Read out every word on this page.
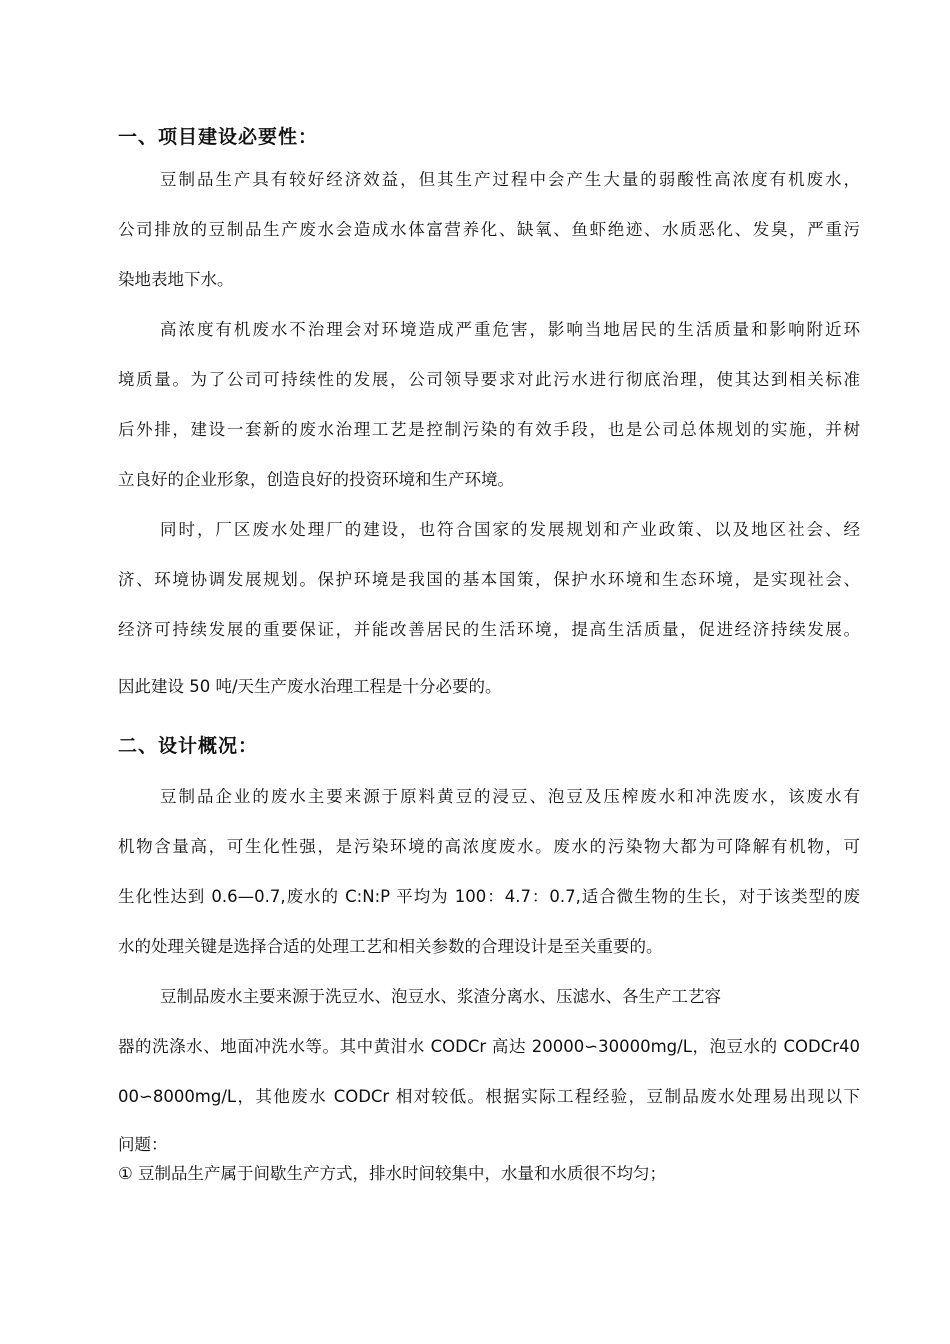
一、项目建设必要性：
豆制品生产具有较好经济效益，但其生产过程中会产生大量的弱酸性高浓度有机废水，
公司排放的豆制品生产废水会造成水体富营养化、缺氧、鱼虾绝迹、水质恶化、发臭，严重污
染地表地下水。
高浓度有机废水不治理会对环境造成严重危害，影响当地居民的生活质量和影响附近环
境质量。为了公司可持续性的发展，公司领导要求对此污水进行彻底治理，使其达到相关标准
后外排，建设一套新的废水治理工艺是控制污染的有效手段，也是公司总体规划的实施，并树
立良好的企业形象，创造良好的投资环境和生产环境。
同时，厂区废水处理厂的建设，也符合国家的发展规划和产业政策、以及地区社会、经
济、环境协调发展规划。保护环境是我国的基本国策，保护水环境和生态环境，是实现社会、
经济可持续发展的重要保证，并能改善居民的生活环境，提高生活质量，促进经济持续发展。
因此建设 50 吨/天生产废水治理工程是十分必要的。
二、设计概况：
豆制品企业的废水主要来源于原料黄豆的浸豆、泡豆及压榨废水和冲洗废水，该废水有
机物含量高，可生化性强，是污染环境的高浓度废水。废水的污染物大都为可降解有机物，可
生化性达到 0.6—0.7,废水的 C:N:P 平均为 100：4.7：0.7,适合微生物的生长，对于该类型的废
水的处理关键是选择合适的处理工艺和相关参数的合理设计是至关重要的。
豆制品废水主要来源于洗豆水、泡豆水、浆渣分离水、压滤水、各生产工艺容
器的洗涤水、地面冲洗水等。其中黄泔水 CODCr 高达 20000∽30000mg/L，泡豆水的 CODCr40
00∽8000mg/L，其他废水 CODCr 相对较低。根据实际工程经验，豆制品废水处理易出现以下
问题：
① 豆制品生产属于间歇生产方式，排水时间较集中，水量和水质很不均匀；
